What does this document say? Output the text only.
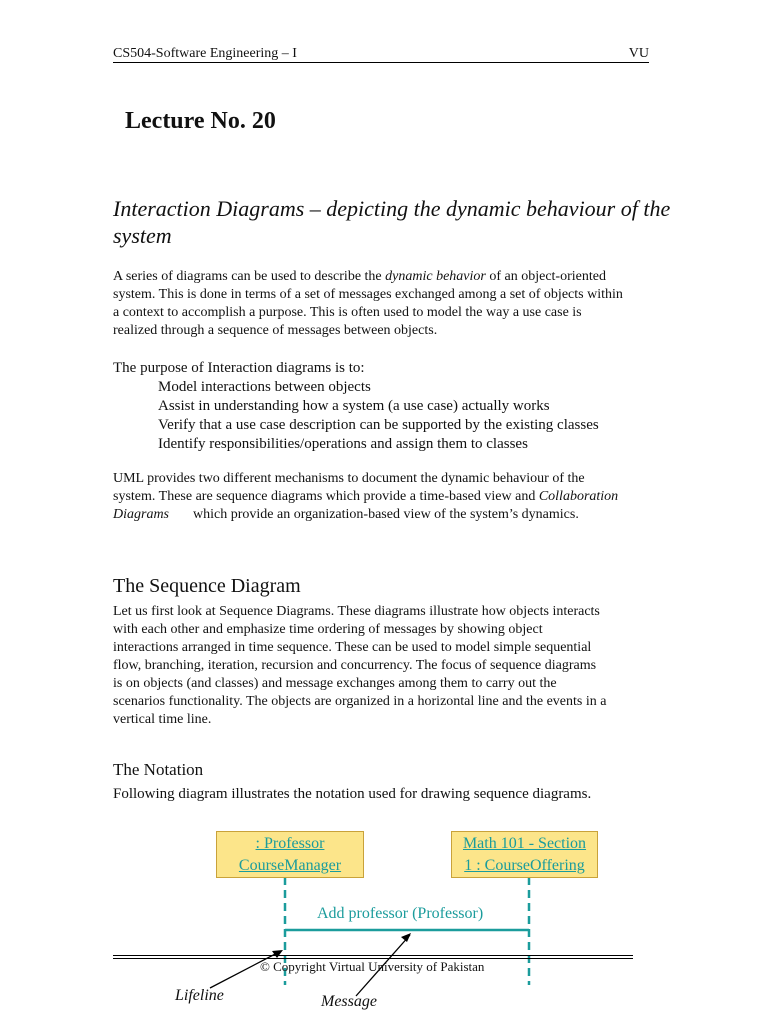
CS504-Software Engineering – I	VU
Lecture No. 20
Interaction Diagrams – depicting the dynamic behaviour of the system
A series of diagrams can be used to describe the dynamic behavior of an object-oriented system. This is done in terms of a set of messages exchanged among a set of objects within a context to accomplish a purpose. This is often used to model the way a use case is realized through a sequence of messages between objects.
The purpose of Interaction diagrams is to:
Model interactions between objects
Assist in understanding how a system (a use case) actually works
Verify that a use case description can be supported by the existing classes
Identify responsibilities/operations and assign them to classes
UML provides two different mechanisms to document the dynamic behaviour of the system. These are sequence diagrams which provide a time-based view and Collaboration Diagrams which provide an organization-based view of the system’s dynamics.
The Sequence Diagram
Let us first look at Sequence Diagrams. These diagrams illustrate how objects interacts with each other and emphasize time ordering of messages by showing object interactions arranged in time sequence. These can be used to model simple sequential flow, branching, iteration, recursion and concurrency. The focus of sequence diagrams is on objects (and classes) and message exchanges among them to carry out the scenarios functionality. The objects are organized in a horizontal line and the events in a vertical time line.
The Notation
Following diagram illustrates the notation used for drawing sequence diagrams.
: Professor
CourseManager
Math 101 - Section
1 : CourseOffering
Add professor (Professor)
© Copyright Virtual University of Pakistan
Lifeline	Message
